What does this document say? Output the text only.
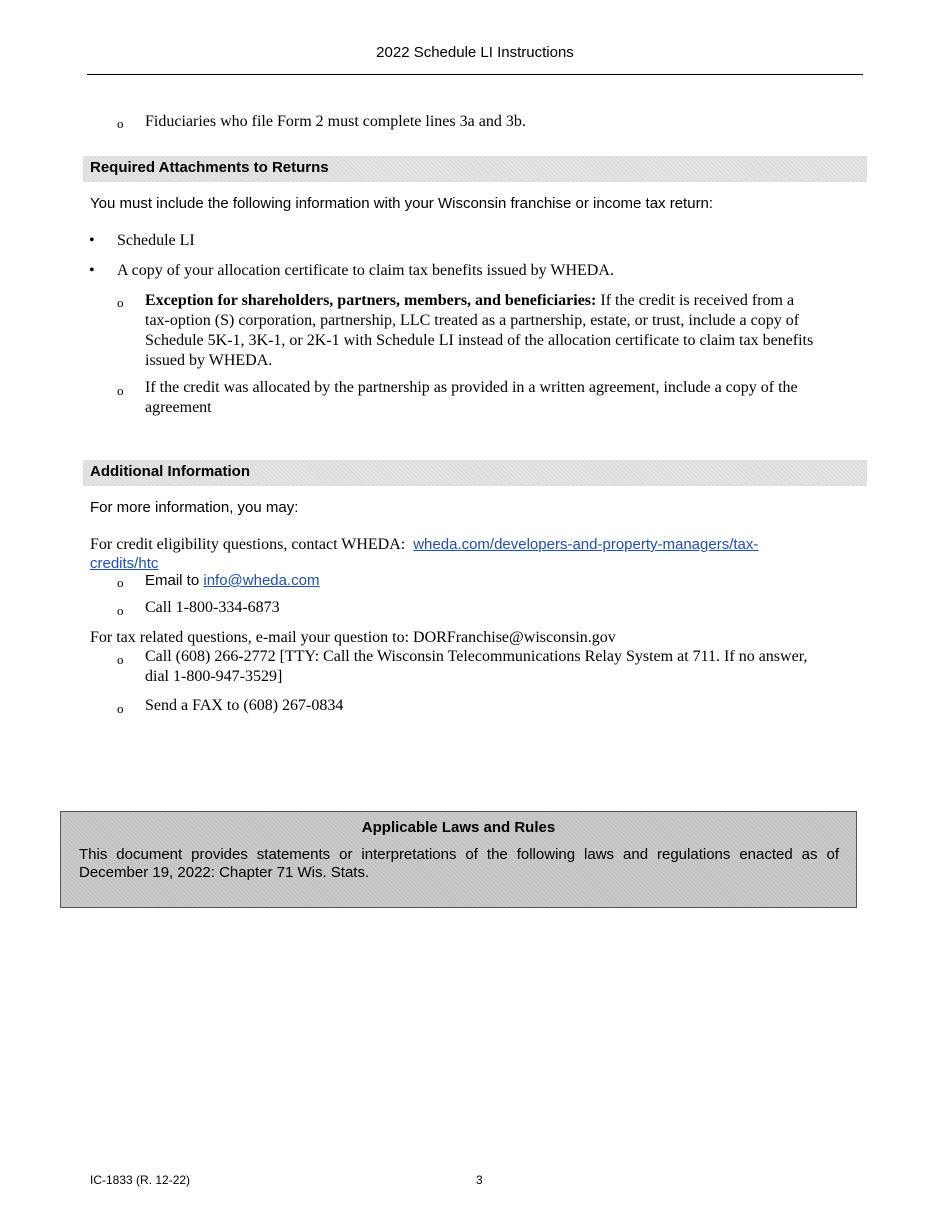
2022 Schedule LI Instructions
o Fiduciaries who file Form 2 must complete lines 3a and 3b.
Required Attachments to Returns
You must include the following information with your Wisconsin franchise or income tax return:
• Schedule LI
• A copy of your allocation certificate to claim tax benefits issued by WHEDA.
o Exception for shareholders, partners, members, and beneficiaries: If the credit is received from a
tax-option (S) corporation, partnership, LLC treated as a partnership, estate, or trust, include a copy of
Schedule 5K-1, 3K-1, or 2K-1 with Schedule LI instead of the allocation certificate to claim tax benefits
issued by WHEDA.
o If the credit was allocated by the partnership as provided in a written agreement, include a copy of the
agreement
Additional Information
For more information, you may:
For credit eligibility questions, contact WHEDA: wheda.com/developers-and-property-managers/tax-
credits/htc
o Email to info@wheda.com
o Call 1-800-334-6873
For tax related questions, e-mail your question to: DORFranchise@wisconsin.gov
o Call (608) 266-2772 [TTY: Call the Wisconsin Telecommunications Relay System at 711. If no answer,
dial 1-800-947-3529]
o Send a FAX to (608) 267-0834
Applicable Laws and Rules
This document provides statements or interpretations of the following laws and regulations enacted as of December 19, 2022: Chapter 71 Wis. Stats.
IC-1833 (R. 12-22)	3
